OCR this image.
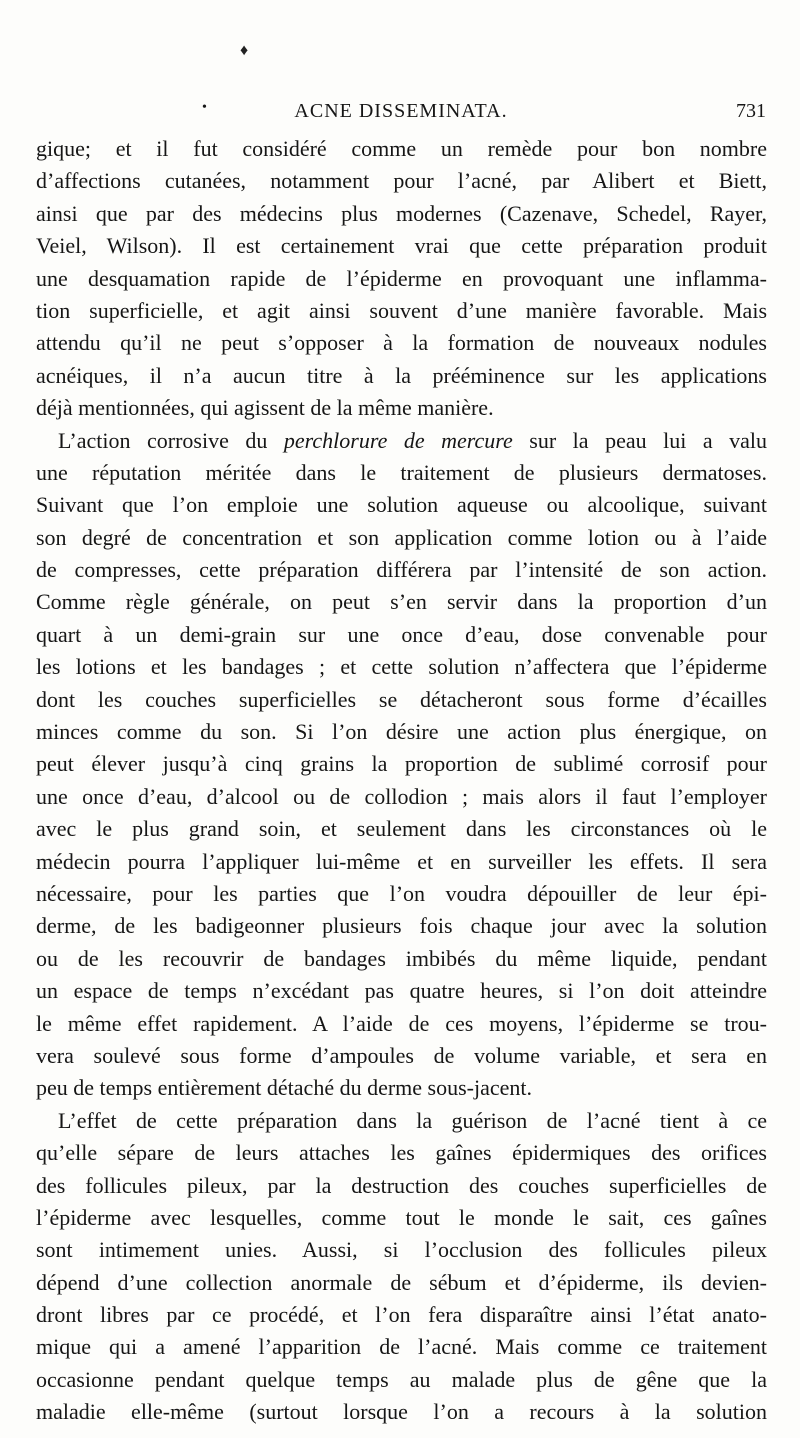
♦
•	ACNE DISSEMINATA.	731
gique; et il fut considéré comme un remède pour bon nombre
d’affections cutanées, notamment pour l’acné, par Alibert et Biett,
ainsi que par des médecins plus modernes (Cazenave, Schedel, Rayer,
Veiel, Wilson). Il est certainement vrai que cette préparation produit
une desquamation rapide de l’épiderme en provoquant une inflamma-
tion superficielle, et agit ainsi souvent d’une manière favorable. Mais
attendu qu’il ne peut s’opposer à la formation de nouveaux nodules
acnéiques, il n’a aucun titre à la prééminence sur les applications
déjà mentionnées, qui agissent de la même manière.
L’action corrosive du perchlorure de mercure sur la peau lui a valu
une réputation méritée dans le traitement de plusieurs dermatoses.
Suivant que l’on emploie une solution aqueuse ou alcoolique, suivant
son degré de concentration et son application comme lotion ou à l’aide
de compresses, cette préparation différera par l’intensité de son action.
Comme règle générale, on peut s’en servir dans la proportion d’un
quart à un demi-grain sur une once d’eau, dose convenable pour
les lotions et les bandages ; et cette solution n’affectera que l’épiderme
dont les couches superficielles se détacheront sous forme d’écailles
minces comme du son. Si l’on désire une action plus énergique, on
peut élever jusqu’à cinq grains la proportion de sublimé corrosif pour
une once d’eau, d’alcool ou de collodion ; mais alors il faut l’employer
avec le plus grand soin, et seulement dans les circonstances où le
médecin pourra l’appliquer lui-même et en surveiller les effets. Il sera
nécessaire, pour les parties que l’on voudra dépouiller de leur épi-
derme, de les badigeonner plusieurs fois chaque jour avec la solution
ou de les recouvrir de bandages imbibés du même liquide, pendant
un espace de temps n’excédant pas quatre heures, si l’on doit atteindre
le même effet rapidement. A l’aide de ces moyens, l’épiderme se trou-
vera soulevé sous forme d’ampoules de volume variable, et sera en
peu de temps entièrement détaché du derme sous-jacent.
L’effet de cette préparation dans la guérison de l’acné tient à ce
qu’elle sépare de leurs attaches les gaînes épidermiques des orifices
des follicules pileux, par la destruction des couches superficielles de
l’épiderme avec lesquelles, comme tout le monde le sait, ces gaînes
sont intimement unies. Aussi, si l’occlusion des follicules pileux
dépend d’une collection anormale de sébum et d’épiderme, ils devien-
dront libres par ce procédé, et l’on fera disparaître ainsi l’état anato-
mique qui a amené l’apparition de l’acné. Mais comme ce traitement
occasionne pendant quelque temps au malade plus de gêne que la
maladie elle-même (surtout lorsque l’on a recours à la solution
